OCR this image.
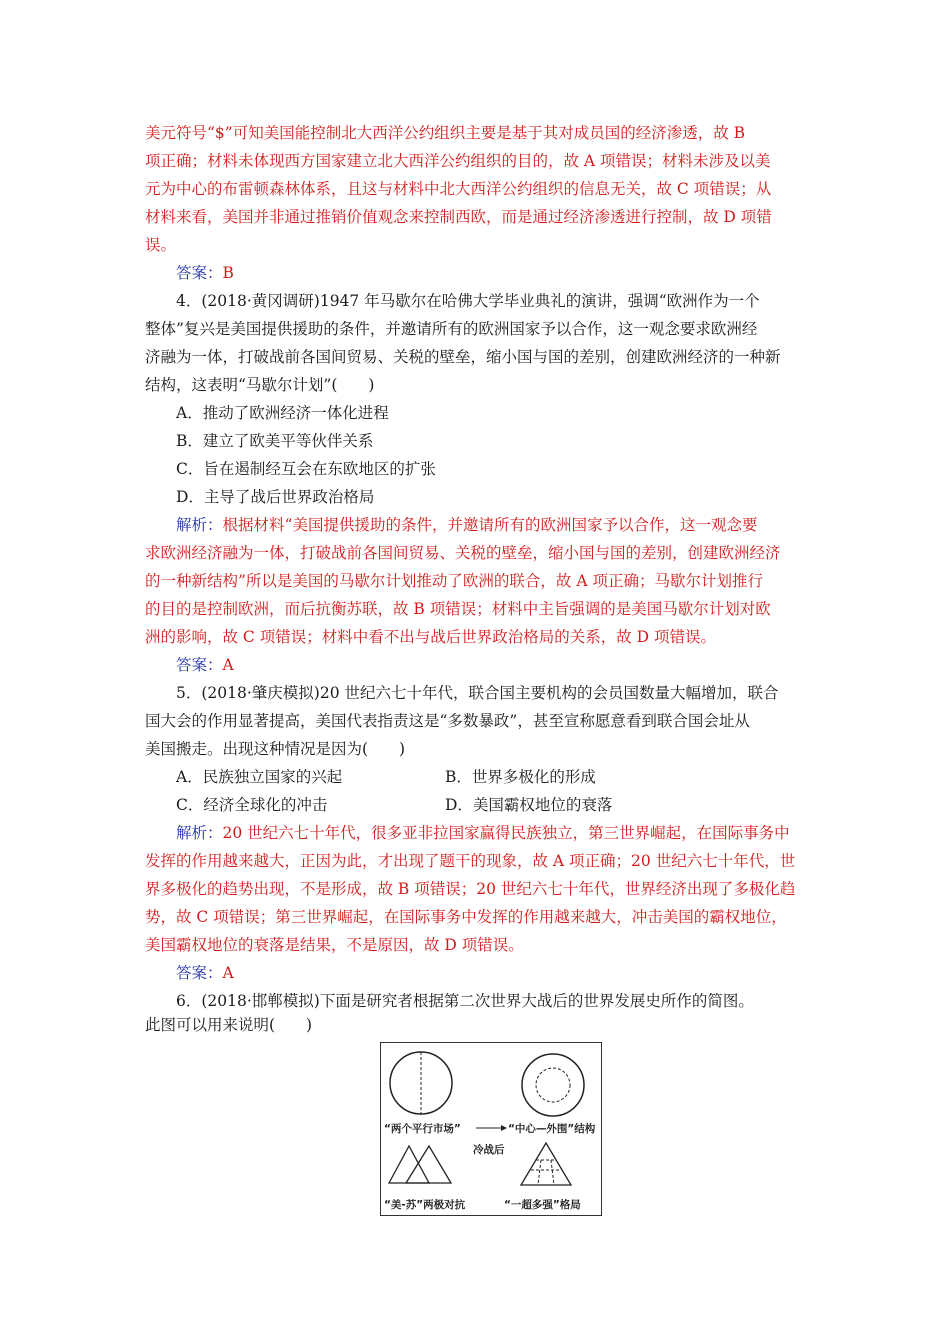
美元符号“$”可知美国能控制北大西洋公约组织主要是基于其对成员国的经济渗透，故 B
项正确；材料未体现西方国家建立北大西洋公约组织的目的，故 A 项错误；材料未涉及以美
元为中心的布雷顿森林体系，且这与材料中北大西洋公约组织的信息无关，故 C 项错误；从
材料来看，美国并非通过推销价值观念来控制西欧，而是通过经济渗透进行控制，故 D 项错
误。
答案：B
4．(2018·黄冈调研)1947 年马歇尔在哈佛大学毕业典礼的演讲，强调“欧洲作为一个
整体”复兴是美国提供援助的条件，并邀请所有的欧洲国家予以合作，这一观念要求欧洲经
济融为一体，打破战前各国间贸易、关税的壁垒，缩小国与国的差别，创建欧洲经济的一种新
结构，这表明“马歇尔计划”(　　)
A．推动了欧洲经济一体化进程
B．建立了欧美平等伙伴关系
C．旨在遏制经互会在东欧地区的扩张
D．主导了战后世界政治格局
解析：根据材料“美国提供援助的条件，并邀请所有的欧洲国家予以合作，这一观念要
求欧洲经济融为一体，打破战前各国间贸易、关税的壁垒，缩小国与国的差别，创建欧洲经济
的一种新结构”所以是美国的马歇尔计划推动了欧洲的联合，故 A 项正确；马歇尔计划推行
的目的是控制欧洲，而后抗衡苏联，故 B 项错误；材料中主旨强调的是美国马歇尔计划对欧
洲的影响，故 C 项错误；材料中看不出与战后世界政治格局的关系，故 D 项错误。
答案：A
5．(2018·肇庆模拟)20 世纪六七十年代，联合国主要机构的会员国数量大幅增加，联合
国大会的作用显著提高，美国代表指责这是“多数暴政”，甚至宣称愿意看到联合国会址从
美国搬走。出现这种情况是因为(　　)
A．民族独立国家的兴起	B．世界多极化的形成
C．经济全球化的冲击	D．美国霸权地位的衰落
解析：20 世纪六七十年代，很多亚非拉国家赢得民族独立，第三世界崛起，在国际事务中
发挥的作用越来越大，正因为此，才出现了题干的现象，故 A 项正确；20 世纪六七十年代，世
界多极化的趋势出现，不是形成，故 B 项错误；20 世纪六七十年代，世界经济出现了多极化趋
势，故 C 项错误；第三世界崛起，在国际事务中发挥的作用越来越大，冲击美国的霸权地位，
美国霸权地位的衰落是结果，不是原因，故 D 项错误。
答案：A
6．(2018·邯郸模拟)下面是研究者根据第二次世界大战后的世界发展史所作的简图。
此图可以用来说明(　　)
“两个平行市场”	“中心—外围”结构
冷战后
“美-苏”两极对抗	“一超多强”格局
